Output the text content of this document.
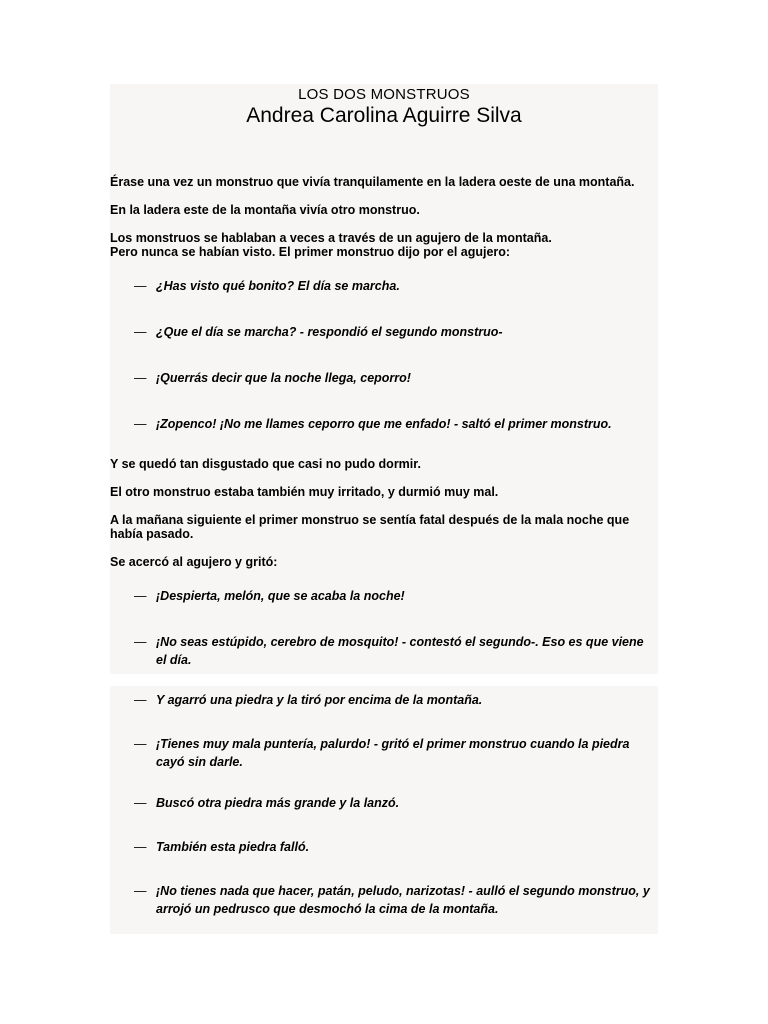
LOS DOS MONSTRUOS
Andrea Carolina Aguirre Silva
Érase una vez un monstruo que vivía tranquilamente en la ladera oeste de una montaña.
En la ladera este de la montaña vivía otro monstruo.
Los monstruos se hablaban a veces a través de un agujero de la montaña.
Pero nunca se habían visto. El primer monstruo dijo por el agujero:
— ¿Has visto qué bonito? El día se marcha.
— ¿Que el día se marcha? - respondió el segundo monstruo-
— ¡Querrás decir que la noche llega, ceporro!
— ¡Zopenco! ¡No me llames ceporro que me enfado! - saltó el primer monstruo.
Y se quedó tan disgustado que casi no pudo dormir.
El otro monstruo estaba también muy irritado, y durmió muy mal.
A la mañana siguiente el primer monstruo se sentía fatal después de la mala noche que había pasado.
Se acercó al agujero y gritó:
— ¡Despierta, melón, que se acaba la noche!
— ¡No seas estúpido, cerebro de mosquito! - contestó el segundo-. Eso es que viene el día.
— Y agarró una piedra y la tiró por encima de la montaña.
— ¡Tienes muy mala puntería, palurdo! - gritó el primer monstruo cuando la piedra cayó sin darle.
— Buscó otra piedra más grande y la lanzó.
— También esta piedra falló.
— ¡No tienes nada que hacer, patán, peludo, narizotas! - aulló el segundo monstruo, y arrojó un pedrusco que desmochó la cima de la montaña.
